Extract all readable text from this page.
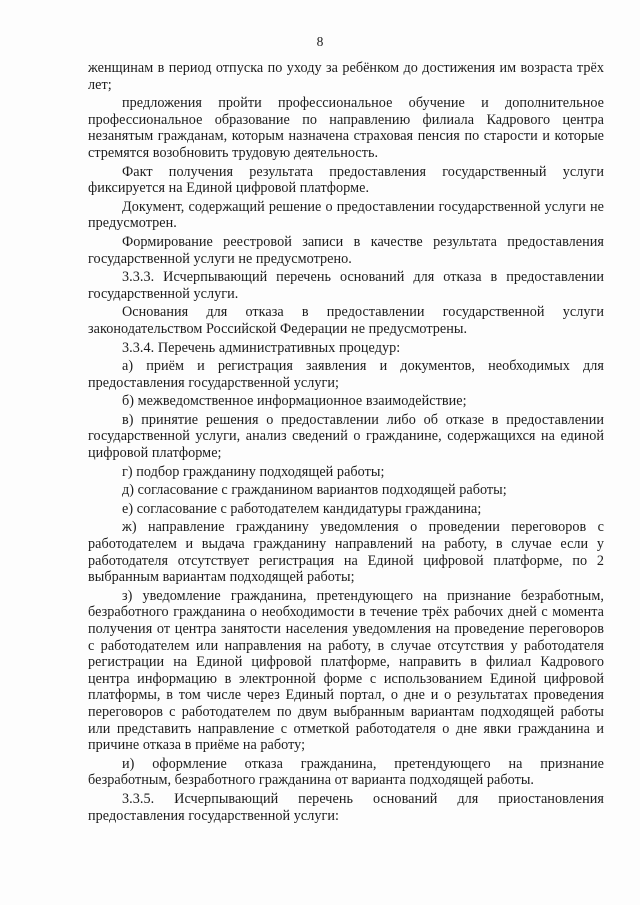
8

женщинам в период отпуска по уходу за ребёнком до достижения им возраста трёх лет;

предложения пройти профессиональное обучение и дополнительное профессиональное образование по направлению филиала Кадрового центра незанятым гражданам, которым назначена страховая пенсия по старости и которые стремятся возобновить трудовую деятельность.

Факт получения результата предоставления государственный услуги фиксируется на Единой цифровой платформе.

Документ, содержащий решение о предоставлении государственной услуги не предусмотрен.

Формирование реестровой записи в качестве результата предоставления государственной услуги не предусмотрено.

3.3.3. Исчерпывающий перечень оснований для отказа в предоставлении государственной услуги.

Основания для отказа в предоставлении государственной услуги законодательством Российской Федерации не предусмотрены.

3.3.4. Перечень административных процедур:

а) приём и регистрация заявления и документов, необходимых для предоставления государственной услуги;

б) межведомственное информационное взаимодействие;

в) принятие решения о предоставлении либо об отказе в предоставлении государственной услуги, анализ сведений о гражданине, содержащихся на единой цифровой платформе;

г) подбор гражданину подходящей работы;

д) согласование с гражданином вариантов подходящей работы;

е) согласование с работодателем кандидатуры гражданина;

ж) направление гражданину уведомления о проведении переговоров с работодателем и выдача гражданину направлений на работу, в случае если у работодателя отсутствует регистрация на Единой цифровой платформе, по 2 выбранным вариантам подходящей работы;

з) уведомление гражданина, претендующего на признание безработным, безработного гражданина о необходимости в течение трёх рабочих дней с момента получения от центра занятости населения уведомления на проведение переговоров с работодателем или направления на работу, в случае отсутствия у работодателя регистрации на Единой цифровой платформе, направить в филиал Кадрового центра информацию в электронной форме с использованием Единой цифровой платформы, в том числе через Единый портал, о дне и о результатах проведения переговоров с работодателем по двум выбранным вариантам подходящей работы или представить направление с отметкой работодателя о дне явки гражданина и причине отказа в приёме на работу;

и) оформление отказа гражданина, претендующего на признание безработным, безработного гражданина от варианта подходящей работы.

3.3.5. Исчерпывающий перечень оснований для приостановления предоставления государственной услуги:
